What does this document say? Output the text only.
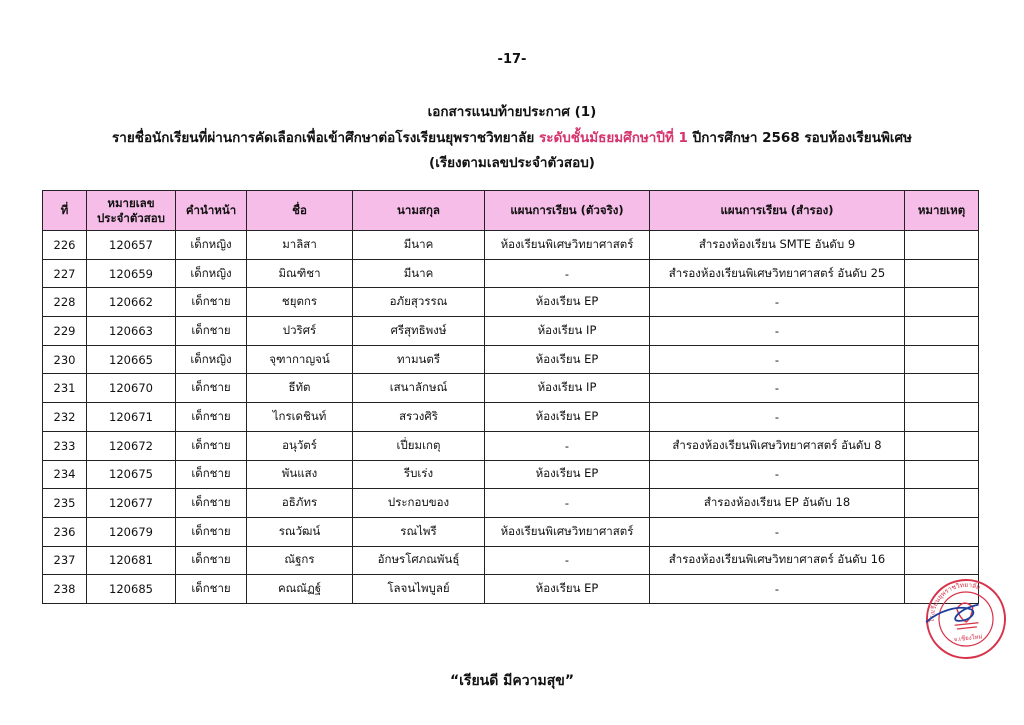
-17-
เอกสารแนบท้ายประกาศ (1)
รายชื่อนักเรียนที่ผ่านการคัดเลือกเพื่อเข้าศึกษาต่อโรงเรียนยุพราชวิทยาลัย ระดับชั้นมัธยมศึกษาปีที่ 1 ปีการศึกษา 2568 รอบห้องเรียนพิเศษ
(เรียงตามเลขประจำตัวสอบ)
ที่	หมายเลข ประจำตัวสอบ	คำนำหน้า	ชื่อ	นามสกุล	แผนการเรียน (ตัวจริง)	แผนการเรียน (สำรอง)	หมายเหตุ
226	120657	เด็กหญิง	มาลิสา	มีนาค	ห้องเรียนพิเศษวิทยาศาสตร์	สำรองห้องเรียน SMTE อันดับ 9	
227	120659	เด็กหญิง	มิณฑิชา	มีนาค	-	สำรองห้องเรียนพิเศษวิทยาศาสตร์ อันดับ 25	
228	120662	เด็กชาย	ชยุตกร	อภัยสุวรรณ	ห้องเรียน EP	-	
229	120663	เด็กชาย	ปวริศร์	ศรีสุทธิพงษ์	ห้องเรียน IP	-	
230	120665	เด็กหญิง	จุฑากาญจน์	ทามนตรี	ห้องเรียน EP	-	
231	120670	เด็กชาย	ธีทัต	เสนาลักษณ์	ห้องเรียน IP	-	
232	120671	เด็กชาย	ไกรเดชินท์	สรวงศิริ	ห้องเรียน EP	-	
233	120672	เด็กชาย	อนุวัตร์	เปี่ยมเกตุ	-	สำรองห้องเรียนพิเศษวิทยาศาสตร์ อันดับ 8	
234	120675	เด็กชาย	พันแสง	รีบเร่ง	ห้องเรียน EP	-	
235	120677	เด็กชาย	อธิภัทร	ประกอบของ	-	สำรองห้องเรียน EP อันดับ 18	
236	120679	เด็กชาย	รณวัฒน์	รณไพรี	ห้องเรียนพิเศษวิทยาศาสตร์	-	
237	120681	เด็กชาย	ณัฐกร	อักษรโศภณพันธุ์	-	สำรองห้องเรียนพิเศษวิทยาศาสตร์ อันดับ 16	
238	120685	เด็กชาย	คณณัฏฐ์	โลจนไพบูลย์	ห้องเรียน EP	-	
โรงเรียนยุพราชวิทยาลัย
จ.เชียงใหม่
“เรียนดี มีความสุข”
